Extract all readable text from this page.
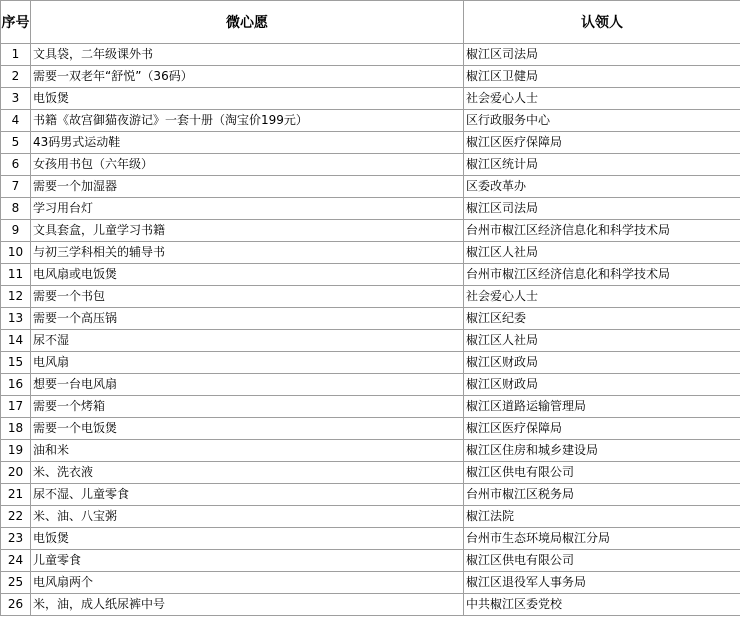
序号	微心愿	认领人
1	文具袋，二年级课外书	椒江区司法局
2	需要一双老年“舒悦”（36码）	椒江区卫健局
3	电饭煲	社会爱心人士
4	书籍《故宫御猫夜游记》一套十册（淘宝价199元）	区行政服务中心
5	43码男式运动鞋	椒江区医疗保障局
6	女孩用书包（六年级）	椒江区统计局
7	需要一个加湿器	区委改革办
8	学习用台灯	椒江区司法局
9	文具套盒，儿童学习书籍	台州市椒江区经济信息化和科学技术局
10	与初三学科相关的辅导书	椒江区人社局
11	电风扇或电饭煲	台州市椒江区经济信息化和科学技术局
12	需要一个书包	社会爱心人士
13	需要一个高压锅	椒江区纪委
14	尿不湿	椒江区人社局
15	电风扇	椒江区财政局
16	想要一台电风扇	椒江区财政局
17	需要一个烤箱	椒江区道路运输管理局
18	需要一个电饭煲	椒江区医疗保障局
19	油和米	椒江区住房和城乡建设局
20	米、洗衣液	椒江区供电有限公司
21	尿不湿、儿童零食	台州市椒江区税务局
22	米、油、八宝粥	椒江法院
23	电饭煲	台州市生态环境局椒江分局
24	儿童零食	椒江区供电有限公司
25	电风扇两个	椒江区退役军人事务局
26	米，油，成人纸尿裤中号	中共椒江区委党校
